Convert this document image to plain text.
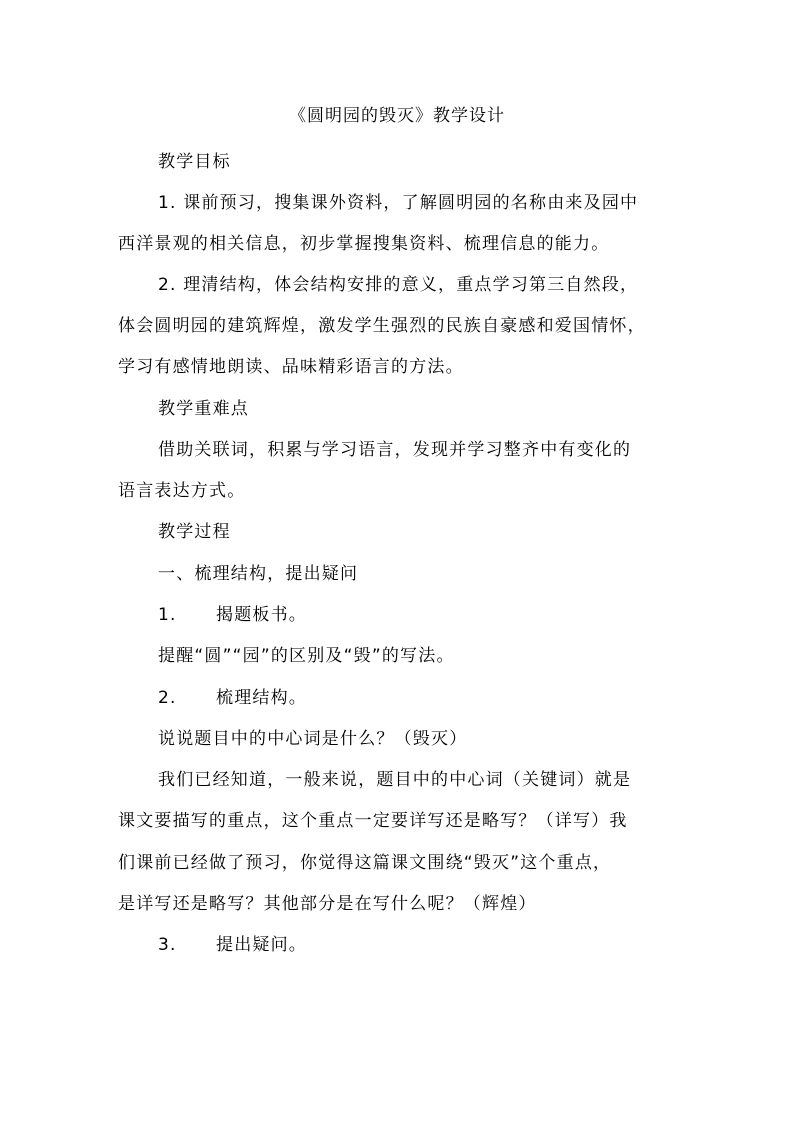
《圆明园的毁灭》教学设计
教学目标
1. 课前预习，搜集课外资料，了解圆明园的名称由来及园中
西洋景观的相关信息，初步掌握搜集资料、梳理信息的能力。
2. 理清结构，体会结构安排的意义，重点学习第三自然段，
体会圆明园的建筑辉煌，激发学生强烈的民族自豪感和爱国情怀，
学习有感情地朗读、品味精彩语言的方法。
教学重难点
借助关联词，积累与学习语言，发现并学习整齐中有变化的
语言表达方式。
教学过程
一、梳理结构，提出疑问
1. 揭题板书。
提醒“圆”“园”的区别及“毁”的写法。
2. 梳理结构。
说说题目中的中心词是什么？（毁灭）
我们已经知道，一般来说，题目中的中心词（关键词）就是
课文要描写的重点，这个重点一定要详写还是略写？（详写）我
们课前已经做了预习，你觉得这篇课文围绕“毁灭”这个重点，
是详写还是略写？其他部分是在写什么呢？（辉煌）
3. 提出疑问。
